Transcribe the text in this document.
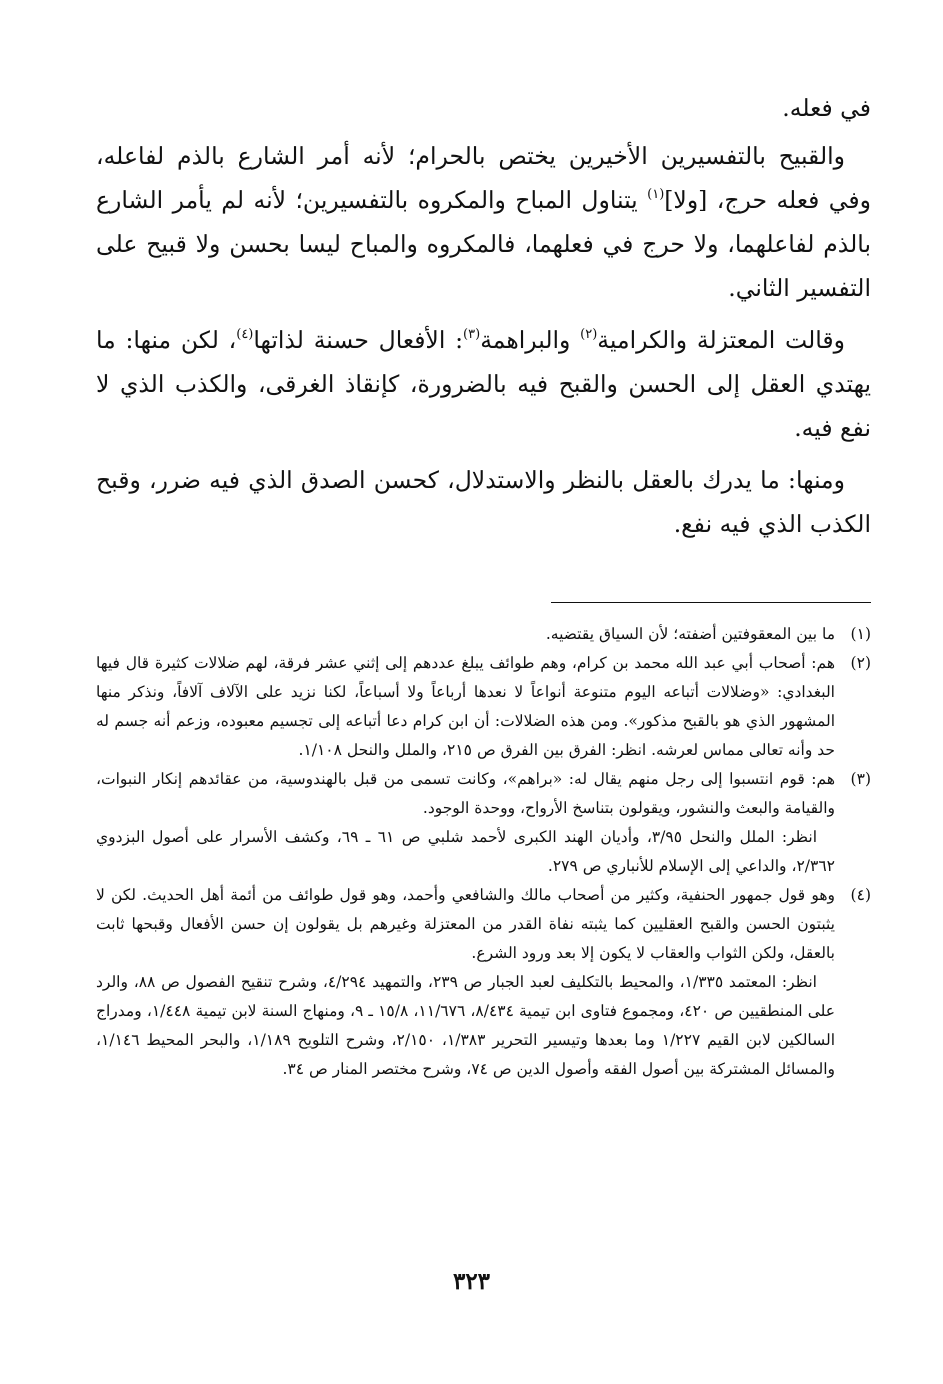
في فعله.

والقبيح بالتفسيرين الأخيرين يختص بالحرام؛ لأنه أمر الشارع بالذم لفاعله، وفي فعله حرج، [ولا]$^{(١)}$ يتناول المباح والمكروه بالتفسيرين؛ لأنه لم يأمر الشارع بالذم لفاعلهما، ولا حرج في فعلهما، فالمكروه والمباح ليسا بحسن ولا قبيح على التفسير الثاني.

وقالت المعتزلة والكرامية$^{(٢)}$ والبراهمة$^{(٣)}$: الأفعال حسنة لذاتها$^{(٤)}$، لكن منها: ما يهتدي العقل إلى الحسن والقبح فيه بالضرورة، كإنقاذ الغرقى، والكذب الذي لا نفع فيه.

ومنها: ما يدرك بالعقل بالنظر والاستدلال، كحسن الصدق الذي فيه ضرر، وقبح الكذب الذي فيه نفع.

(١)

ما بين المعقوفتين أضفته؛ لأن السياق يقتضيه.

(٢)

هم: أصحاب أبي عبد الله محمد بن كرام، وهم طوائف يبلغ عددهم إلى إثني عشر فرقة، لهم ضلالات كثيرة قال فيها البغدادي: «وضلالات أتباعه اليوم متنوعة أنواعاً لا نعدها أرباعاً ولا أسباعاً، لكنا نزيد على الآلاف آلافاً، ونذكر منها المشهور الذي هو بالقبح مذكور». ومن هذه الضلالات: أن ابن كرام دعا أتباعه إلى تجسيم معبوده، وزعم أنه جسم له حد وأنه تعالى مماس لعرشه. انظر: الفرق بين الفرق ص ٢١٥، والملل والنحل ١/١٠٨.

(٣)

هم: قوم انتسبوا إلى رجل منهم يقال له: «براهم»، وكانت تسمى من قبل بالهندوسية، من عقائدهم إنكار النبوات، والقيامة والبعث والنشور، ويقولون بتناسخ الأرواح، ووحدة الوجود.

انظر: الملل والنحل ٣/٩٥، وأديان الهند الكبرى لأحمد شلبي ص ٦١ ـ ٦٩، وكشف الأسرار على أصول البزدوي ٢/٣٦٢، والداعي إلى الإسلام للأنباري ص ٢٧٩.

(٤)

وهو قول جمهور الحنفية، وكثير من أصحاب مالك والشافعي وأحمد، وهو قول طوائف من أئمة أهل الحديث. لكن لا يثبتون الحسن والقبح العقليين كما يثبته نفاة القدر من المعتزلة وغيرهم بل يقولون إن حسن الأفعال وقبحها ثابت بالعقل، ولكن الثواب والعقاب لا يكون إلا بعد ورود الشرع.

انظر: المعتمد ١/٣٣٥، والمحيط بالتكليف لعبد الجبار ص ٢٣٩، والتمهيد ٤/٢٩٤، وشرح تنقيح الفصول ص ٨٨، والرد على المنطقيين ص ٤٢٠، ومجموع فتاوى ابن تيمية ٨/٤٣٤، ١١/٦٧٦، ١٥/٨ ـ ٩، ومنهاج السنة لابن تيمية ١/٤٤٨، ومدراج السالكين لابن القيم ١/٢٢٧ وما بعدها وتيسير التحرير ١/٣٨٣، ٢/١٥٠، وشرح التلويح ١/١٨٩، والبحر المحيط ١/١٤٦، والمسائل المشتركة بين أصول الفقه وأصول الدين ص ٧٤، وشرح مختصر المنار ص ٣٤.

٣٢٣
